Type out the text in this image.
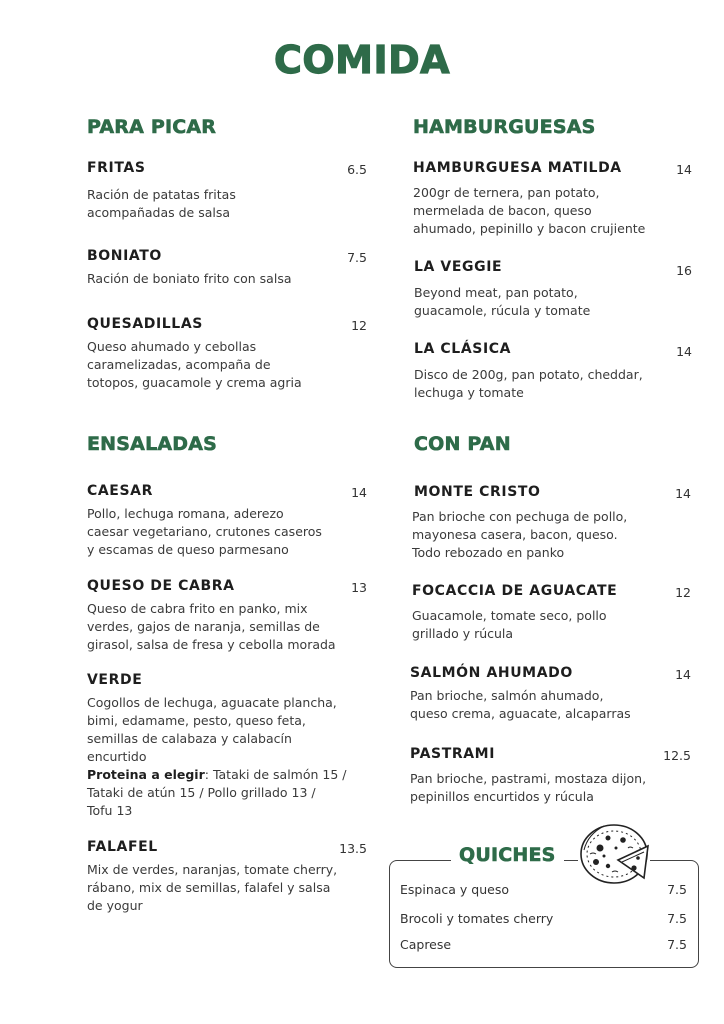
COMIDA
PARA PICAR
FRITAS	6.5
Ración de patatas fritas
acompañadas de salsa
BONIATO	7.5
Ración de boniato frito con salsa
QUESADILLAS	12
Queso ahumado y cebollas
caramelizadas, acompaña de
totopos, guacamole y crema agria
HAMBURGUESAS
HAMBURGUESA MATILDA	14
200gr de ternera, pan potato,
mermelada de bacon, queso
ahumado, pepinillo y bacon crujiente
LA VEGGIE	16
Beyond meat, pan potato,
guacamole, rúcula y tomate
LA CLÁSICA	14
Disco de 200g, pan potato, cheddar,
lechuga y tomate
ENSALADAS
CAESAR	14
Pollo, lechuga romana, aderezo
caesar vegetariano, crutones caseros
y escamas de queso parmesano
QUESO DE CABRA	13
Queso de cabra frito en panko, mix
verdes, gajos de naranja, semillas de
girasol, salsa de fresa y cebolla morada
VERDE
Cogollos de lechuga, aguacate plancha,
bimi, edamame, pesto, queso feta,
semillas de calabaza y calabacín
encurtido
Proteina a elegir: Tataki de salmón 15 /
Tataki de atún 15 / Pollo grillado 13 /
Tofu 13
FALAFEL	13.5
Mix de verdes, naranjas, tomate cherry,
rábano, mix de semillas, falafel y salsa
de yogur
CON PAN
MONTE CRISTO	14
Pan brioche con pechuga de pollo,
mayonesa casera, bacon, queso.
Todo rebozado en panko
FOCACCIA DE AGUACATE	12
Guacamole, tomate seco, pollo
grillado y rúcula
SALMÓN AHUMADO	14
Pan brioche, salmón ahumado,
queso crema, aguacate, alcaparras
PASTRAMI	12.5
Pan brioche, pastrami, mostaza dijon,
pepinillos encurtidos y rúcula
QUICHES
Espinaca y queso	7.5
Brocoli y tomates cherry	7.5
Caprese	7.5
